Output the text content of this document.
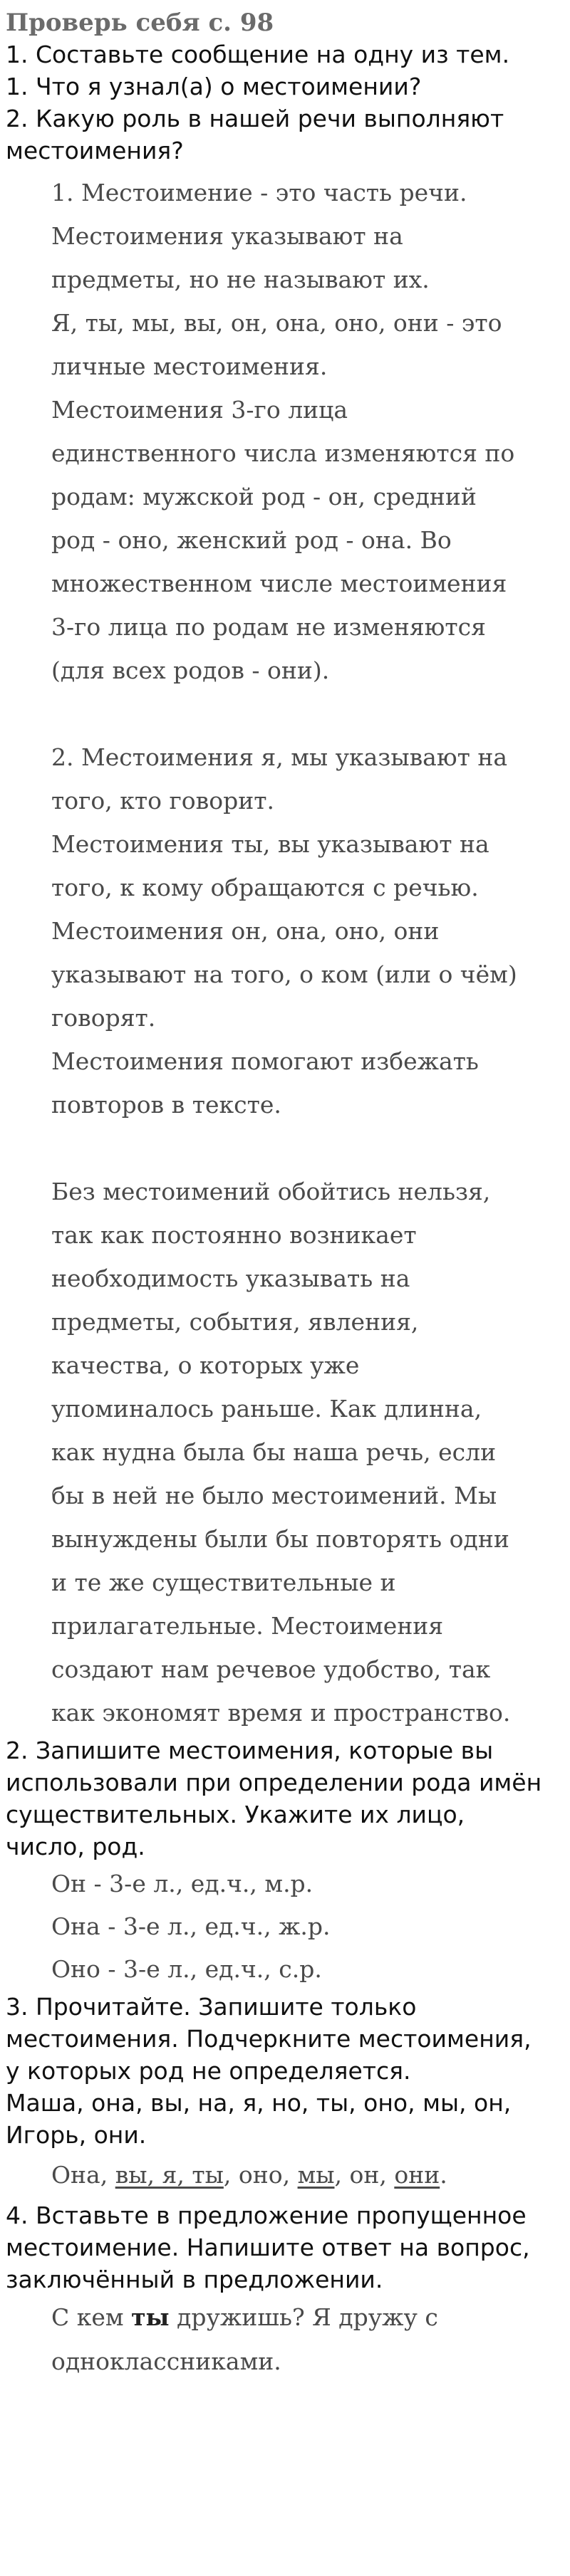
Проверь себя с. 98
1. Составьте сообщение на одну из тем.
1. Что я узнал(а) о местоимении?
2. Какую роль в нашей речи выполняют
местоимения?
1. Местоимение - это часть речи.
Местоимения указывают на
предметы, но не называют их.
Я, ты, мы, вы, он, она, оно, они - это
личные местоимения.
Местоимения 3-го лица
единственного числа изменяются по
родам: мужской род - он, средний
род - оно, женский род - она. Во
множественном числе местоимения
3-го лица по родам не изменяются
(для всех родов - они).
2. Местоимения я, мы указывают на
того, кто говорит.
Местоимения ты, вы указывают на
того, к кому обращаются с речью.
Местоимения он, она, оно, они
указывают на того, о ком (или о чём)
говорят.
Местоимения помогают избежать
повторов в тексте.
Без местоимений обойтись нельзя,
так как постоянно возникает
необходимость указывать на
предметы, события, явления,
качества, о которых уже
упоминалось раньше. Как длинна,
как нудна была бы наша речь, если
бы в ней не было местоимений. Мы
вынуждены были бы повторять одни
и те же существительные и
прилагательные. Местоимения
создают нам речевое удобство, так
как экономят время и пространство.
2. Запишите местоимения, которые вы
использовали при определении рода имён
существительных. Укажите их лицо,
число, род.
Он - 3-е л., ед.ч., м.р.
Она - 3-е л., ед.ч., ж.р.
Оно - 3-е л., ед.ч., с.р.
3. Прочитайте. Запишите только
местоимения. Подчеркните местоимения,
у которых род не определяется.
Маша, она, вы, на, я, но, ты, оно, мы, он,
Игорь, они.
Она, вы, я, ты, оно, мы, он, они.
4. Вставьте в предложение пропущенное
местоимение. Напишите ответ на вопрос,
заключённый в предложении.
С кем ты дружишь? Я дружу с
одноклассниками.
